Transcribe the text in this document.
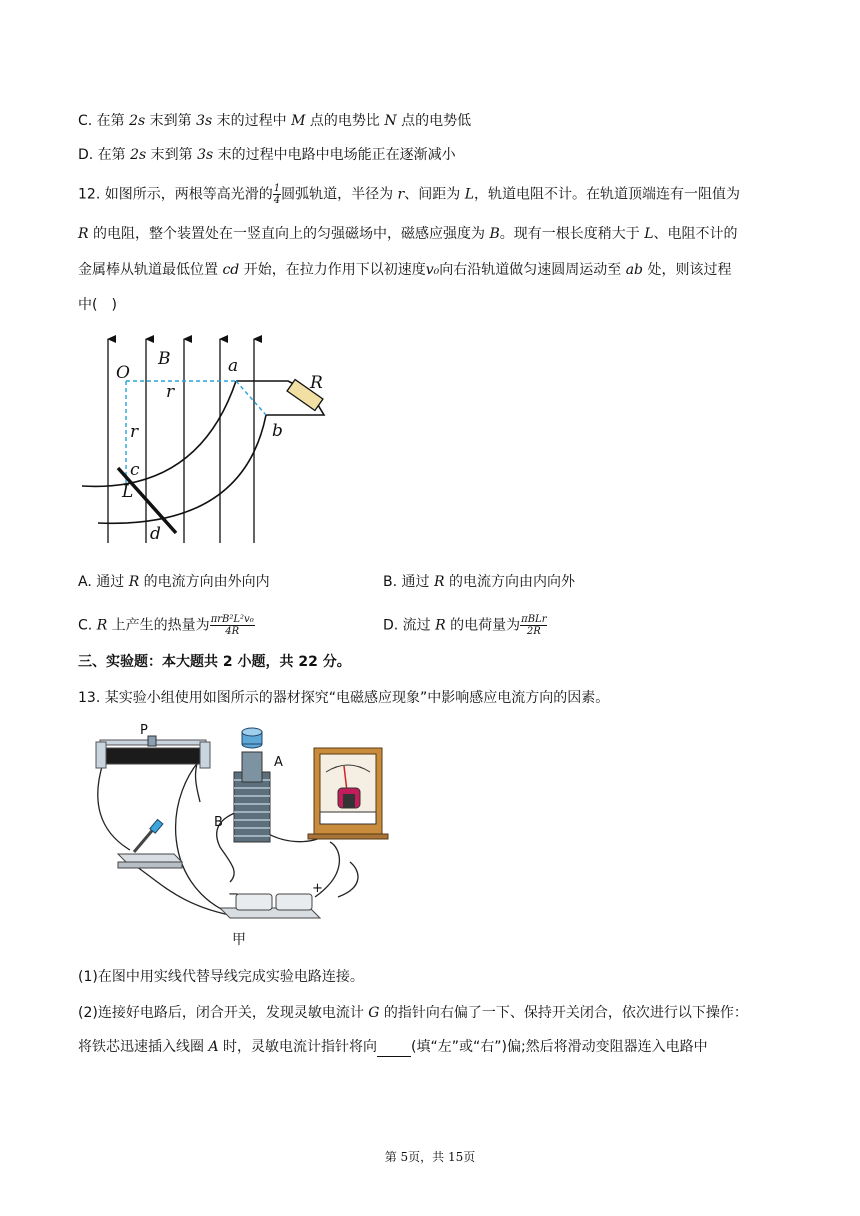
C. 在第 2s 末到第 3s 末的过程中 M 点的电势比 N 点的电势低
D. 在第 2s 末到第 3s 末的过程中电路中电场能正在逐渐减小
12. 如图所示，两根等高光滑的 $\frac{1}{4}$ 圆弧轨道，半径为 r、间距为 L，轨道电阻不计。在轨道顶端连有一阻值为
R 的电阻，整个装置处在一竖直向上的匀强磁场中，磁感应强度为 B。现有一根长度稍大于 L、电阻不计的
金属棒从轨道最低位置 cd 开始，在拉力作用下以初速度v₀向右沿轨道做匀速圆周运动至 ab 处，则该过程
中(　)
O
B	a
R
r
r	b
c
L
d
A. 通过 R 的电流方向由外向内	B. 通过 R 的电流方向由内向外
C. R 上产生的热量为 $\frac{\text{πrB²L²v₀}}{4R}$	D. 流过 R 的电荷量为 $\frac{\text{πBLr}}{2R}$
三、实验题：本大题共 2 小题，共 22 分。
13. 某实验小组使用如图所示的器材探究“电磁感应现象”中影响感应电流方向的因素。
P
−	+
A
B
甲
(1)在图中用实线代替导线完成实验电路连接。
(2)连接好电路后，闭合开关，发现灵敏电流计 G 的指针向右偏了一下、保持开关闭合，依次进行以下操作：
将铁芯迅速插入线圈 A 时，灵敏电流计指针将向 (填“左”或“右”)偏;然后将滑动变阻器连入电路中
第 5页，共 15页
